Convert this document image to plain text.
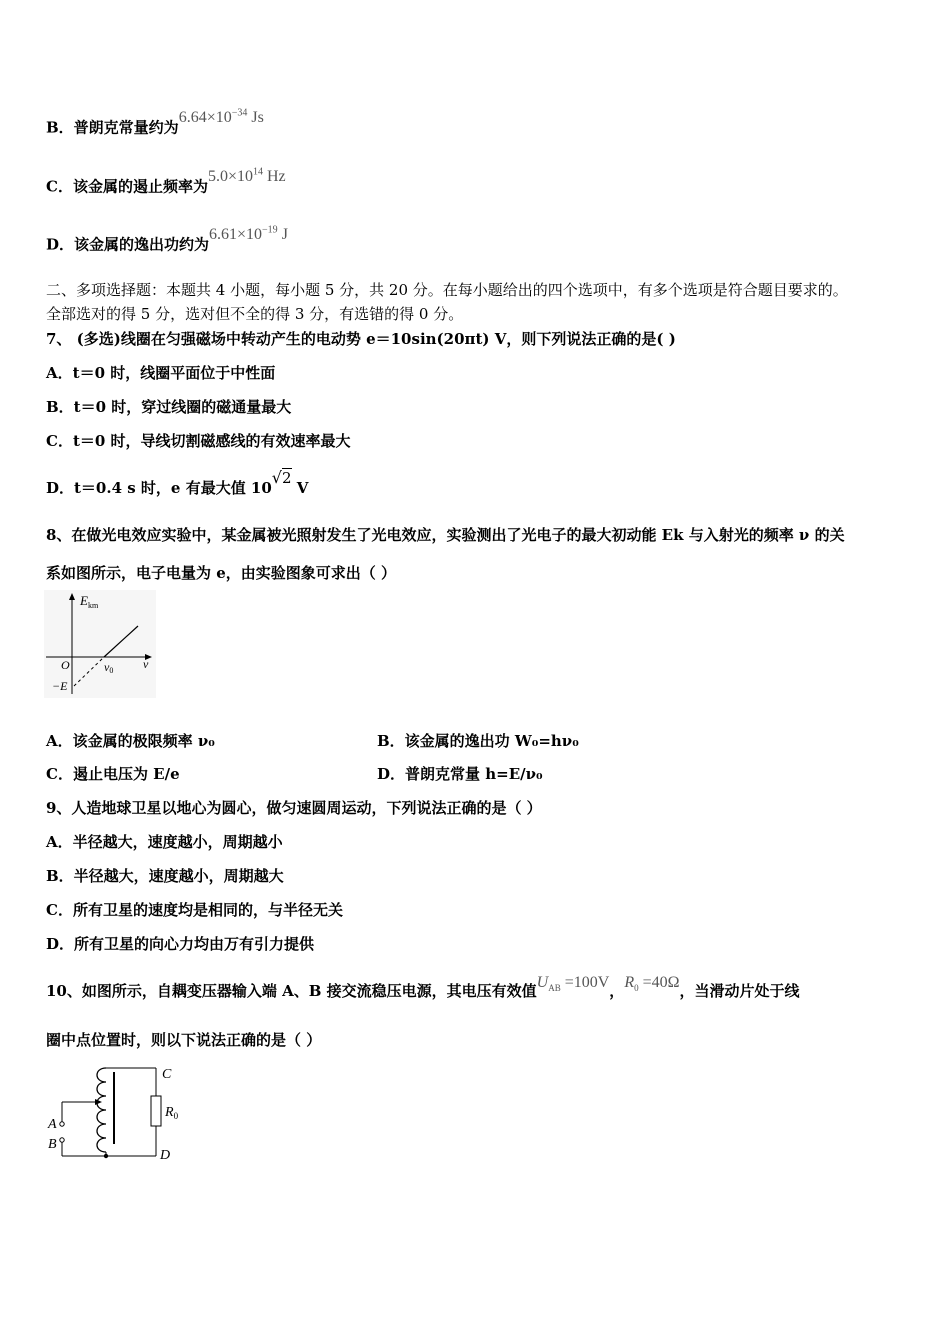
B．普朗克常量约为$6.64\times 10^{-34}$ Js
C．该金属的遏止频率为$5.0\times 10^{14}$ Hz
D．该金属的逸出功约为$6.61\times 10^{-19}$ J
二、多项选择题：本题共 4 小题，每小题 5 分，共 20 分。在每小题给出的四个选项中，有多个选项是符合题目要求的。
全部选对的得 5 分，选对但不全的得 3 分，有选错的得 0 分。
7、 (多选)线圈在匀强磁场中转动产生的电动势 e＝10sin(20πt) V，则下列说法正确的是( )
A．t＝0 时，线圈平面位于中性面
B．t＝0 时，穿过线圈的磁通量最大
C．t＝0 时，导线切割磁感线的有效速率最大
D．t＝0.4 s 时，e 有最大值 10√2 V
8、在做光电效应实验中，某金属被光照射发生了光电效应，实验测出了光电子的最大初动能 Ek 与入射光的频率 ν 的关
系如图所示，电子电量为 e，由实验图象可求出（ ）
$E_{km}$
ν
O	ν0
−E
A．该金属的极限频率 ν₀	B．该金属的逸出功 W₀=hν₀
C．遏止电压为 E/e	D．普朗克常量 h=E/ν₀
9、人造地球卫星以地心为圆心，做匀速圆周运动，下列说法正确的是（ ）
A．半径越大，速度越小，周期越小
B．半径越大，速度越小，周期越大
C．所有卫星的速度均是相同的，与半径无关
D．所有卫星的向心力均由万有引力提供
10、如图所示，自耦变压器输入端 A、B 接交流稳压电源，其电压有效值$U_{AB} =100V$，$R_0 =40\Omega$，当滑动片处于线
圈中点位置时，则以下说法正确的是（ ）
A
B
C
D
$R_0$
